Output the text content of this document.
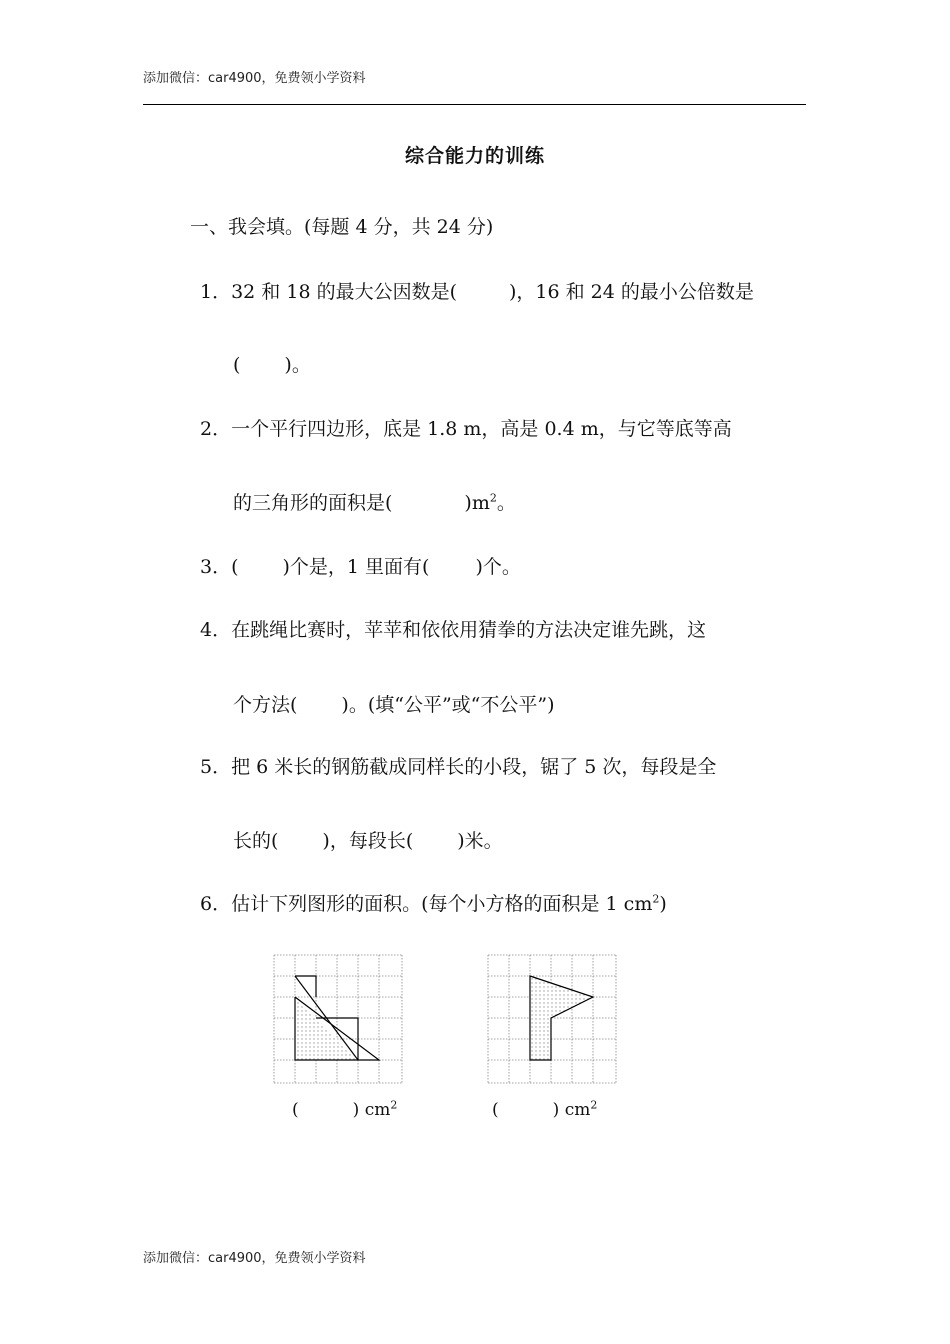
添加微信：car4900，免费领小学资料
综合能力的训练
一、我会填。(每题 4 分，共 24 分)
1．32 和 18 的最大公因数是(	)，16 和 24 的最小公倍数是
( )。
2．一个平行四边形，底是 1.8 m，高是 0.4 m，与它等底等高
的三角形的面积是(	)$m^2$。
3．( )个是，1 里面有( )个。
4．在跳绳比赛时，苹苹和依依用猜拳的方法决定谁先跳，这
个方法( )。(填“公平”或“不公平”)
5．把 6 米长的钢筋截成同样长的小段，锯了 5 次，每段是全
长的( )，每段长( )米。
6．估计下列图形的面积。(每个小方格的面积是 1 $cm^2$)
(	) $cm^2$	(	) $cm^2$
添加微信：car4900，免费领小学资料
